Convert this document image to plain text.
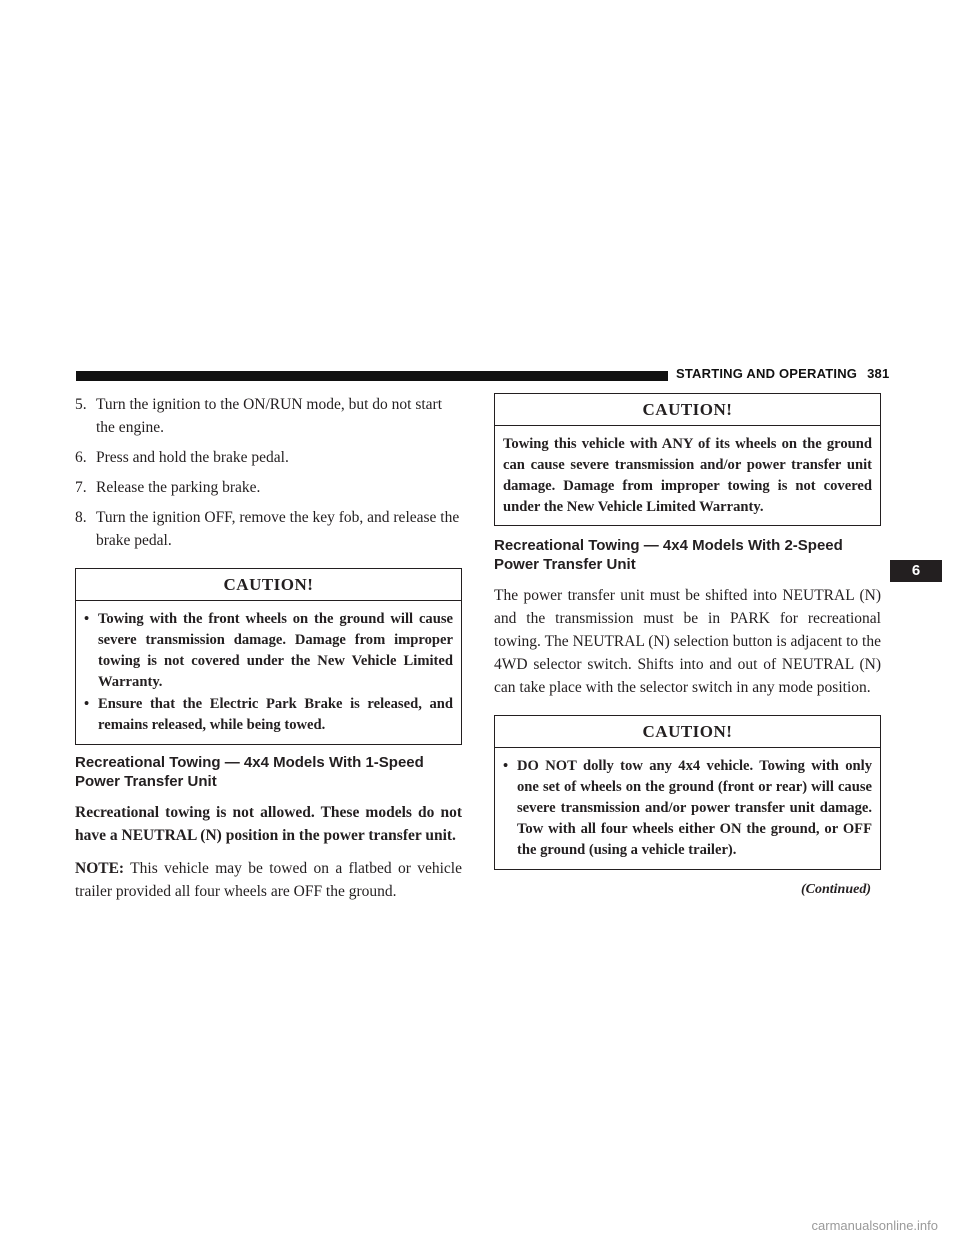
STARTING AND OPERATING 381
5. Turn the ignition to the ON/RUN mode, but do not start the engine.
6. Press and hold the brake pedal.
7. Release the parking brake.
8. Turn the ignition OFF, remove the key fob, and release the brake pedal.
CAUTION!
• Towing with the front wheels on the ground will cause severe transmission damage. Damage from improper towing is not covered under the New Vehicle Limited Warranty.
• Ensure that the Electric Park Brake is released, and remains released, while being towed.
Recreational Towing — 4x4 Models With 1-Speed Power Transfer Unit

Recreational towing is not allowed. These models do not have a NEUTRAL (N) position in the power transfer unit.

NOTE: This vehicle may be towed on a flatbed or vehicle trailer provided all four wheels are OFF the ground.

CAUTION!
Towing this vehicle with ANY of its wheels on the ground can cause severe transmission and/or power transfer unit damage. Damage from improper towing is not covered under the New Vehicle Limited Warranty.
Recreational Towing — 4x4 Models With 2-Speed Power Transfer Unit

The power transfer unit must be shifted into NEUTRAL (N) and the transmission must be in PARK for recreational towing. The NEUTRAL (N) selection button is adjacent to the 4WD selector switch. Shifts into and out of NEUTRAL (N) can take place with the selector switch in any mode position.

CAUTION!
• DO NOT dolly tow any 4x4 vehicle. Towing with only one set of wheels on the ground (front or rear) will cause severe transmission and/or power transfer unit damage. Tow with all four wheels either ON the ground, or OFF the ground (using a vehicle trailer).
(Continued)
6
carmanualsonline.info
